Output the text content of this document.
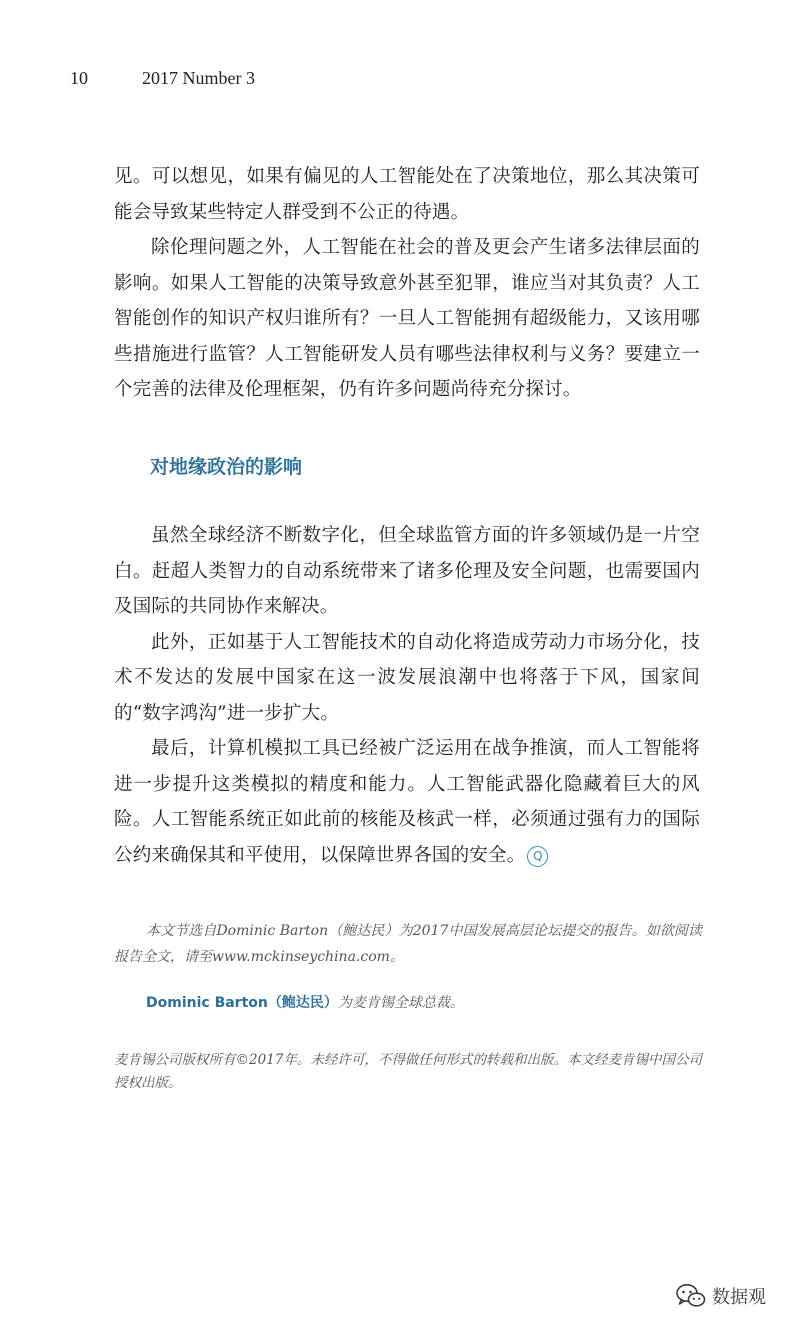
10	2017 Number 3

见。可以想见，如果有偏见的人工智能处在了决策地位，那么其决策可能会导致某些特定人群受到不公正的待遇。

除伦理问题之外，人工智能在社会的普及更会产生诸多法律层面的影响。如果人工智能的决策导致意外甚至犯罪，谁应当对其负责？人工智能创作的知识产权归谁所有？一旦人工智能拥有超级能力，又该用哪些措施进行监管？人工智能研发人员有哪些法律权利与义务？要建立一个完善的法律及伦理框架，仍有许多问题尚待充分探讨。

对地缘政治的影响

虽然全球经济不断数字化，但全球监管方面的许多领域仍是一片空白。赶超人类智力的自动系统带来了诸多伦理及安全问题，也需要国内及国际的共同协作来解决。

此外，正如基于人工智能技术的自动化将造成劳动力市场分化，技术不发达的发展中国家在这一波发展浪潮中也将落于下风，国家间的“数字鸿沟”进一步扩大。

最后，计算机模拟工具已经被广泛运用在战争推演，而人工智能将进一步提升这类模拟的精度和能力。人工智能武器化隐藏着巨大的风险。人工智能系统正如此前的核能及核武一样，必须通过强有力的国际公约来确保其和平使用，以保障世界各国的安全。 Q

本文节选自Dominic Barton（鲍达民）为2017中国发展高层论坛提交的报告。如欲阅读报告全文，请至www.mckinseychina.com。
Dominic Barton（鲍达民）为麦肯锡全球总裁。
麦肯锡公司版权所有©2017年。未经许可，不得做任何形式的转载和出版。本文经麦肯锡中国公司授权出版。
数据观
